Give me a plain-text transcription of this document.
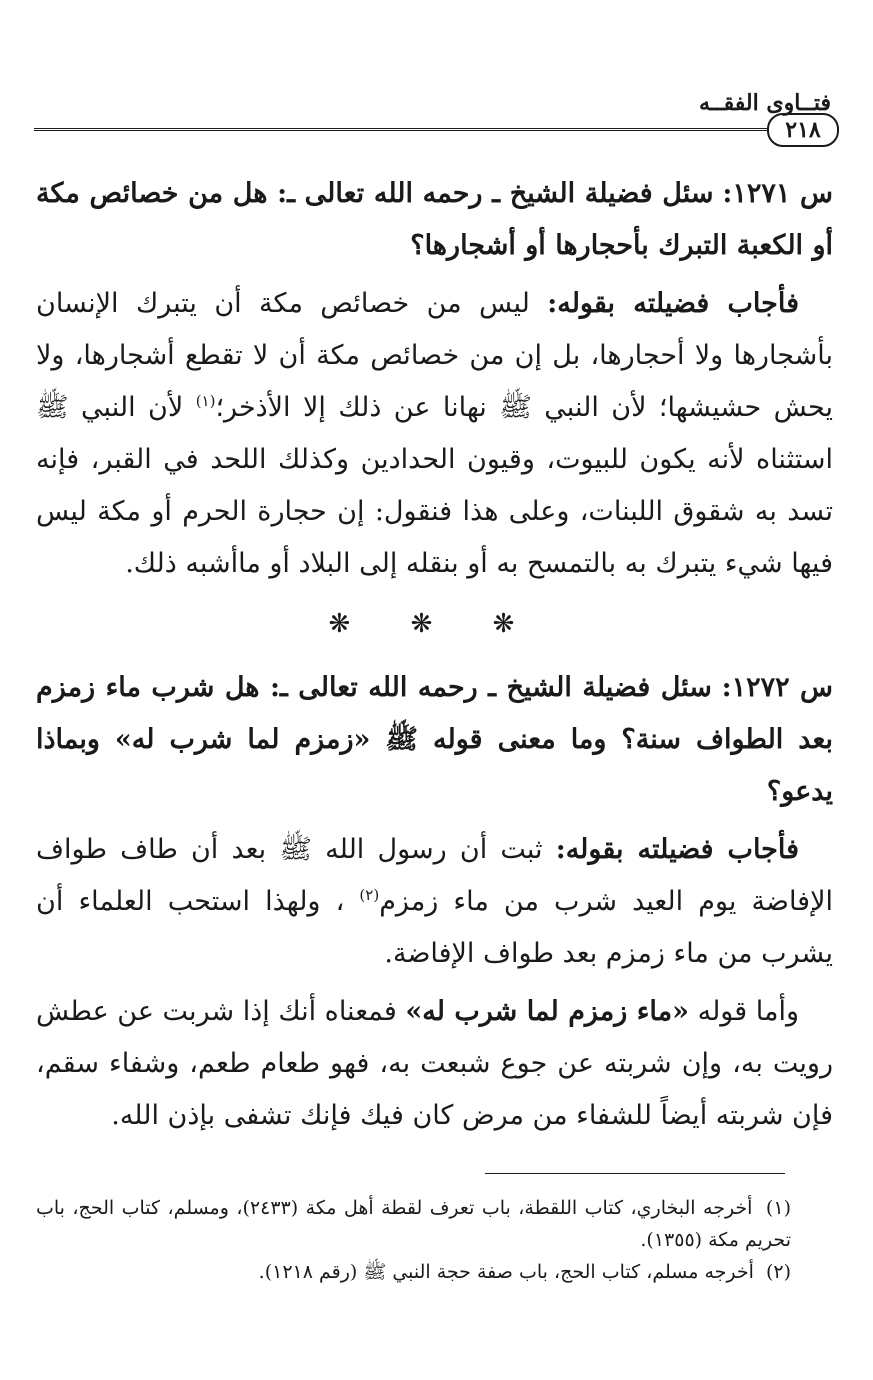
فتــاوى الفقــه
٢١٨

س ١٢٧١: سئل فضيلة الشيخ ـ رحمه الله تعالى ـ: هل من خصائص مكة أو الكعبة التبرك بأحجارها أو أشجارها؟

فأجاب فضيلته بقوله: ليس من خصائص مكة أن يتبرك الإنسان بأشجارها ولا أحجارها، بل إن من خصائص مكة أن لا تقطع أشجارها، ولا يحش حشيشها؛ لأن النبي ﷺ نهانا عن ذلك إلا الأذخر؛$^{(١)}$ لأن النبي ﷺ استثناه لأنه يكون للبيوت، وقيون الحدادين وكذلك اللحد في القبر، فإنه تسد به شقوق اللبنات، وعلى هذا فنقول: إن حجارة الحرم أو مكة ليس فيها شيء يتبرك به بالتمسح به أو بنقله إلى البلاد أو ماأشبه ذلك.

❋ ❋ ❋

س ١٢٧٢: سئل فضيلة الشيخ ـ رحمه الله تعالى ـ: هل شرب ماء زمزم بعد الطواف سنة؟ وما معنى قوله ﷺ «زمزم لما شرب له» وبماذا يدعو؟

فأجاب فضيلته بقوله: ثبت أن رسول الله ﷺ بعد أن طاف طواف الإفاضة يوم العيد شرب من ماء زمزم$^{(٢)}$ ، ولهذا استحب العلماء أن يشرب من ماء زمزم بعد طواف الإفاضة.

وأما قوله «ماء زمزم لما شرب له» فمعناه أنك إذا شربت عن عطش رويت به، وإن شربته عن جوع شبعت به، فهو طعام طعم، وشفاء سقم، فإن شربته أيضاً للشفاء من مرض كان فيك فإنك تشفى بإذن الله.

(١) أخرجه البخاري، كتاب اللقطة، باب تعرف لقطة أهل مكة (٢٤٣٣)، ومسلم، كتاب الحج، باب تحريم مكة (١٣٥٥).

(٢) أخرجه مسلم، كتاب الحج، باب صفة حجة النبي ﷺ (رقم ١٢١٨).
